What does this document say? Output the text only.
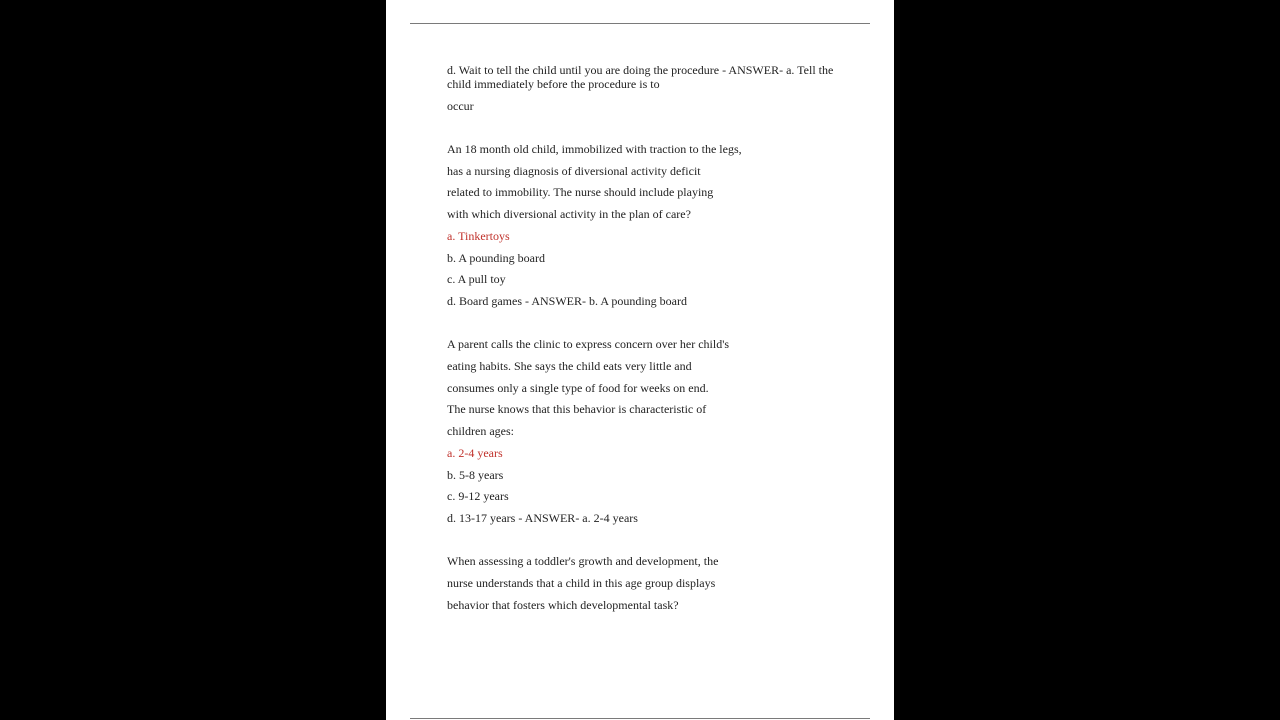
d. Wait to tell the child until you are doing the procedure - ANSWER- a. Tell the
child immediately before the procedure is to
occur
An 18 month old child, immobilized with traction to the legs,
has a nursing diagnosis of diversional activity deficit
related to immobility. The nurse should include playing
with which diversional activity in the plan of care?
a. Tinkertoys
b. A pounding board
c. A pull toy
d. Board games - ANSWER- b. A pounding board
A parent calls the clinic to express concern over her child's
eating habits. She says the child eats very little and
consumes only a single type of food for weeks on end.
The nurse knows that this behavior is characteristic of
children ages:
a. 2-4 years
b. 5-8 years
c. 9-12 years
d. 13-17 years - ANSWER- a. 2-4 years
When assessing a toddler's growth and development, the
nurse understands that a child in this age group displays
behavior that fosters which developmental task?
